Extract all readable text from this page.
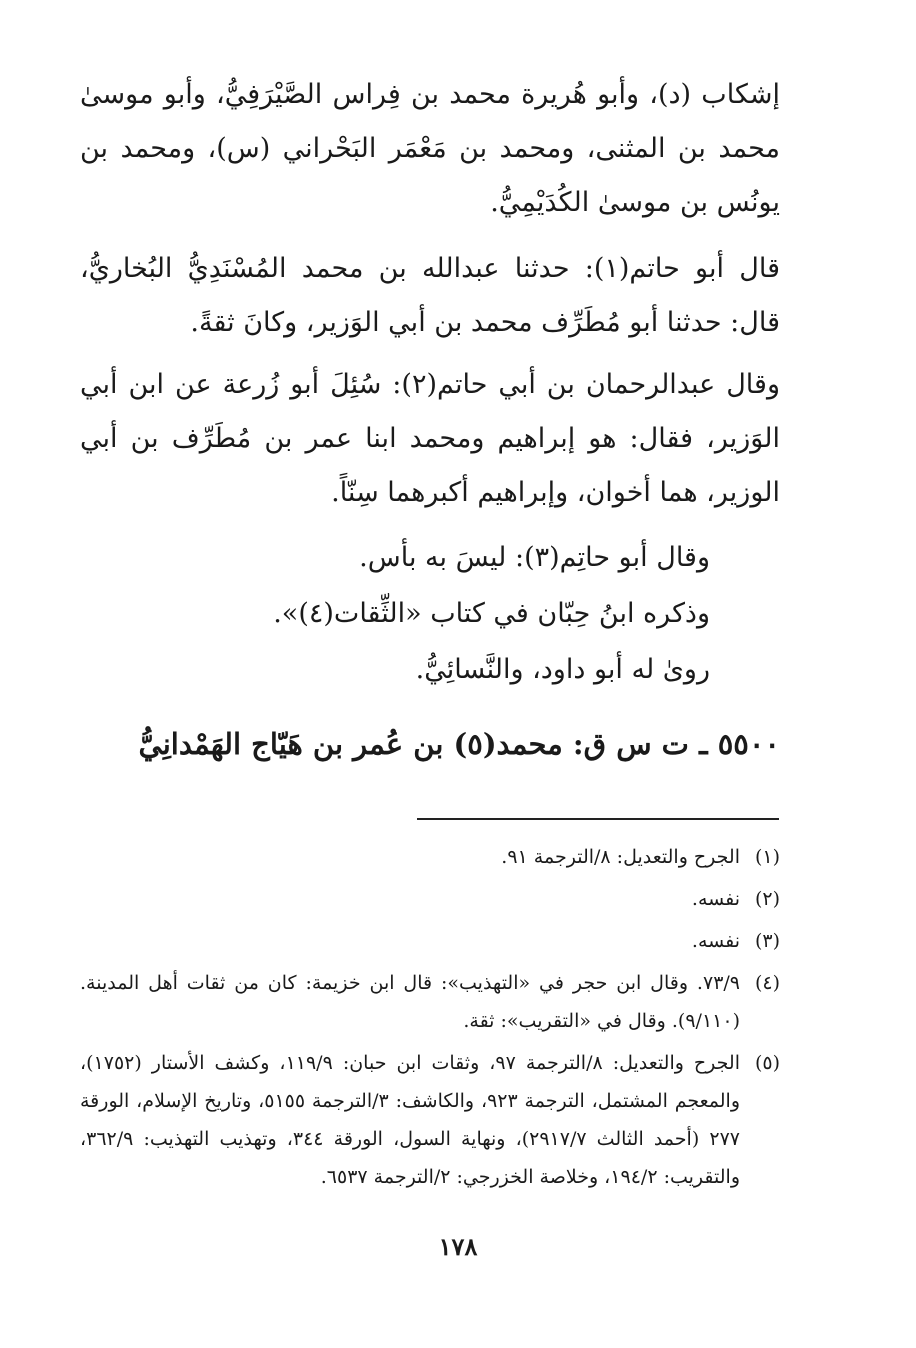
إشكاب (د)، وأبو هُريرة محمد بن فِراس الصَّيْرَفِيُّ، وأبو موسىٰ محمد بن المثنى، ومحمد بن مَعْمَر البَحْراني (س)، ومحمد بن يونُس بن موسىٰ الكُدَيْمِيُّ.
قال أبو حاتم(١): حدثنا عبدالله بن محمد المُسْنَدِيُّ البُخاريُّ، قال: حدثنا أبو مُطَرِّف محمد بن أبي الوَزير، وكانَ ثقةً.
وقال عبدالرحمان بن أبي حاتم(٢): سُئِلَ أبو زُرعة عن ابن أبي الوَزير، فقال: هو إبراهيم ومحمد ابنا عمر بن مُطَرِّف بن أبي الوزير، هما أخوان، وإبراهيم أكبرهما سِنّاً.
وقال أبو حاتِم(٣): ليسَ به بأس.
وذكره ابنُ حِبّان في كتاب «الثِّقات(٤)».
روىٰ له أبو داود، والنَّسائِيُّ.
٥٥٠٠ ـ ت س ق: محمد(٥) بن عُمر بن هَيّاج الهَمْدانِيُّ
(١)
الجرح والتعديل: ٨/الترجمة ٩١.
(٢)
نفسه.
(٣)
نفسه.
(٤)
٧٣/٩. وقال ابن حجر في «التهذيب»: قال ابن خزيمة: كان من ثقات أهل المدينة. (٩/١١٠). وقال في «التقريب»: ثقة.
(٥)
الجرح والتعديل: ٨/الترجمة ٩٧، وثقات ابن حبان: ١١٩/٩، وكشف الأستار (١٧٥٢)، والمعجم المشتمل، الترجمة ٩٢٣، والكاشف: ٣/الترجمة ٥١٥٥، وتاريخ الإسلام، الورقة ٢٧٧ (أحمد الثالث ٢٩١٧/٧)، ونهاية السول، الورقة ٣٤٤، وتهذيب التهذيب: ٣٦٢/٩، والتقريب: ١٩٤/٢، وخلاصة الخزرجي: ٢/الترجمة ٦٥٣٧.
١٧٨
